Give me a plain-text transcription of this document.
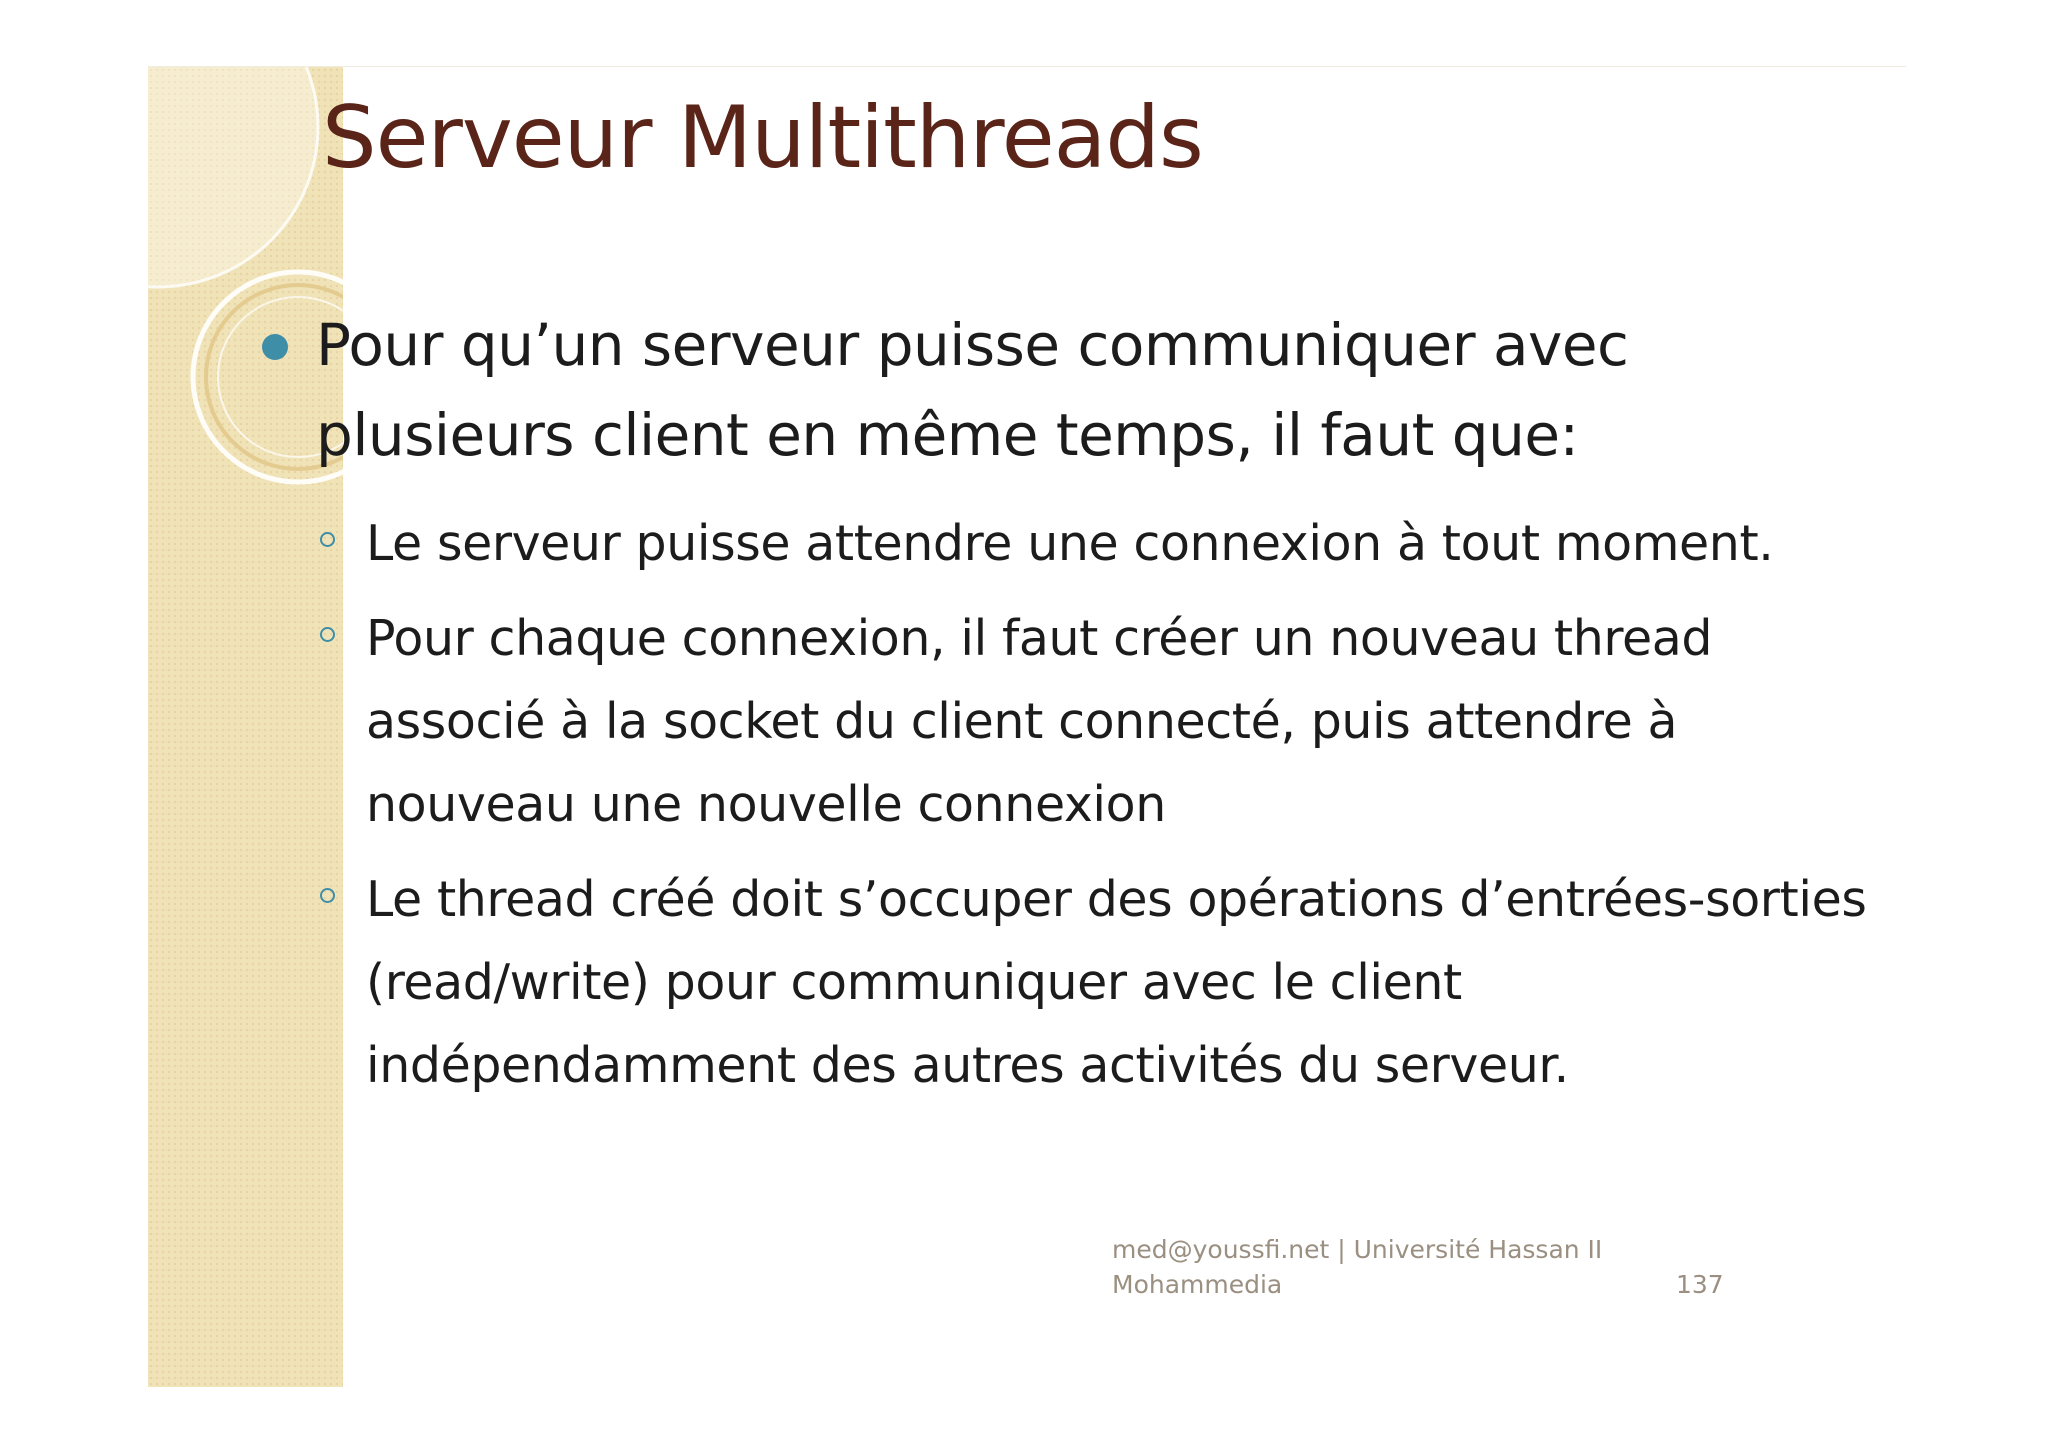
Serveur Multithreads

Pour qu’un serveur puisse communiquer avec plusieurs client en même temps, il faut que:

Le serveur puisse attendre une connexion à tout moment.

Pour chaque connexion, il faut créer un nouveau thread associé à la socket du client connecté, puis attendre à nouveau une nouvelle connexion

Le thread créé doit s’occuper des opérations d’entrées-sorties (read/write) pour communiquer avec le client indépendamment des autres activités du serveur.

med@youssfi.net | Université Hassan II
Mohammedia	137
